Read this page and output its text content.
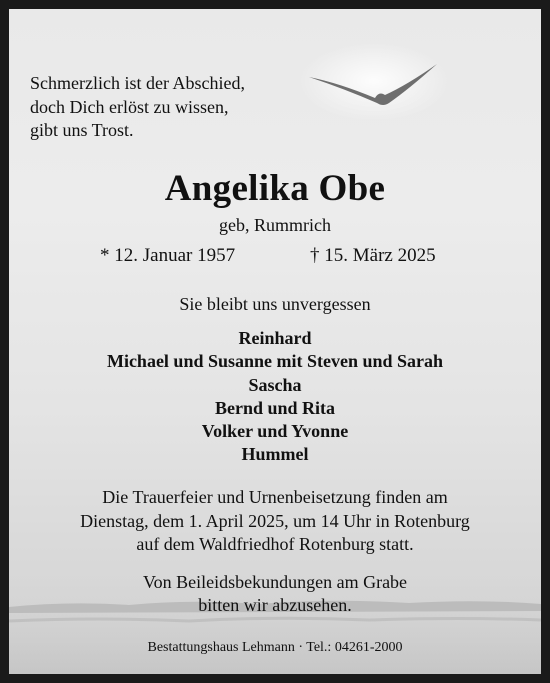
Schmerzlich ist der Abschied,
doch Dich erlöst zu wissen,
gibt uns Trost.
Angelika Obe
geb, Rummrich
* 12. Januar 1957	† 15. März 2025
Sie bleibt uns unvergessen
Reinhard
Michael und Susanne mit Steven und Sarah
Sascha
Bernd und Rita
Volker und Yvonne
Hummel
Die Trauerfeier und Urnenbeisetzung finden am
Dienstag, dem 1. April 2025, um 14 Uhr in Rotenburg
auf dem Waldfriedhof Rotenburg statt.
Von Beileidsbekundungen am Grabe
bitten wir abzusehen.
Bestattungshaus Lehmann · Tel.: 04261-2000
